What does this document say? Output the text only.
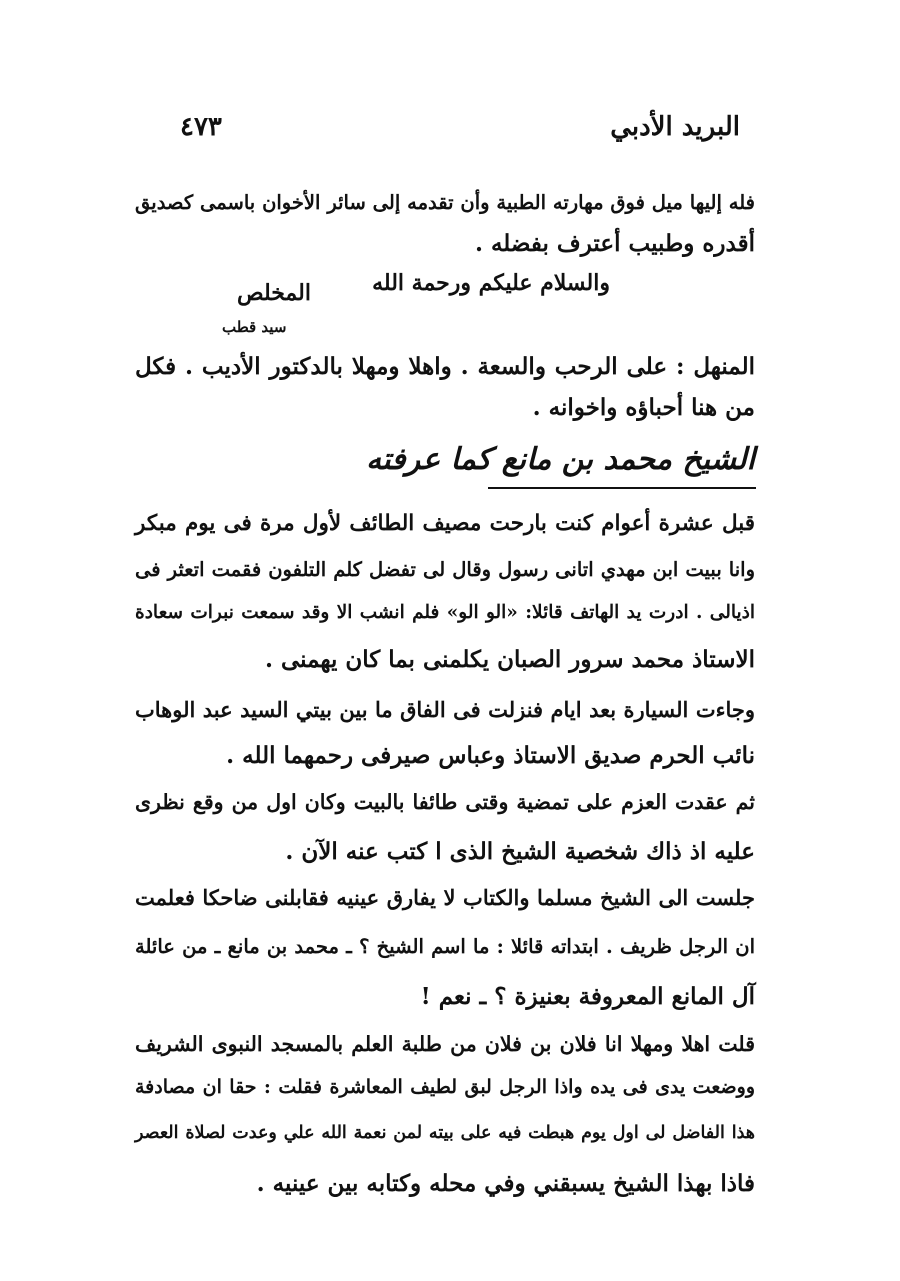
٤٧٣	البريد الأدبي
فله إليها ميل فوق مهارته الطبية وأن تقدمه إلى سائر الأخوان باسمى كصديق
أقدره وطبيب أعترف بفضله .
والسلام عليكم ورحمة الله
المخلص
سيد قطب
المنهل : على الرحب والسعة . واهلا ومهلا بالدكتور الأديب . فكل
من هنا أحباؤه واخوانه .
الشيخ محمد بن مانع كما عرفته
قبل عشرة أعوام كنت بارحت مصيف الطائف لأول مرة فى يوم مبكر
وانا ببيت ابن مهدي اتانى رسول وقال لى تفضل كلم التلفون فقمت اتعثر فى
اذيالى . ادرت يد الهاتف قائلا: «الو الو» فلم انشب الا وقد سمعت نبرات سعادة
الاستاذ محمد سرور الصبان يكلمنى بما كان يهمنى .
وجاءت السيارة بعد ايام فنزلت فى الفاق ما بين بيتي السيد عبد الوهاب
نائب الحرم صديق الاستاذ وعباس صيرفى رحمهما الله .
ثم عقدت العزم على تمضية وقتى طائفا بالبيت وكان اول من وقع نظرى
عليه اذ ذاك شخصية الشيخ الذى ا كتب عنه الآن .
جلست الى الشيخ مسلما والكتاب لا يفارق عينيه فقابلنى ضاحكا فعلمت
ان الرجل ظريف . ابتداته قائلا : ما اسم الشيخ ؟ ـ محمد بن مانع ـ من عائلة
آل المانع المعروفة بعنيزة ؟ ـ نعم !
قلت اهلا ومهلا انا فلان بن فلان من طلبة العلم بالمسجد النبوى الشريف
ووضعت يدى فى يده واذا الرجل لبق لطيف المعاشرة فقلت : حقا ان مصادفة
هذا الفاضل لى اول يوم هبطت فيه على بيته لمن نعمة الله علي وعدت لصلاة العصر
فاذا بهذا الشيخ يسبقني وفي محله وكتابه بين عينيه .
